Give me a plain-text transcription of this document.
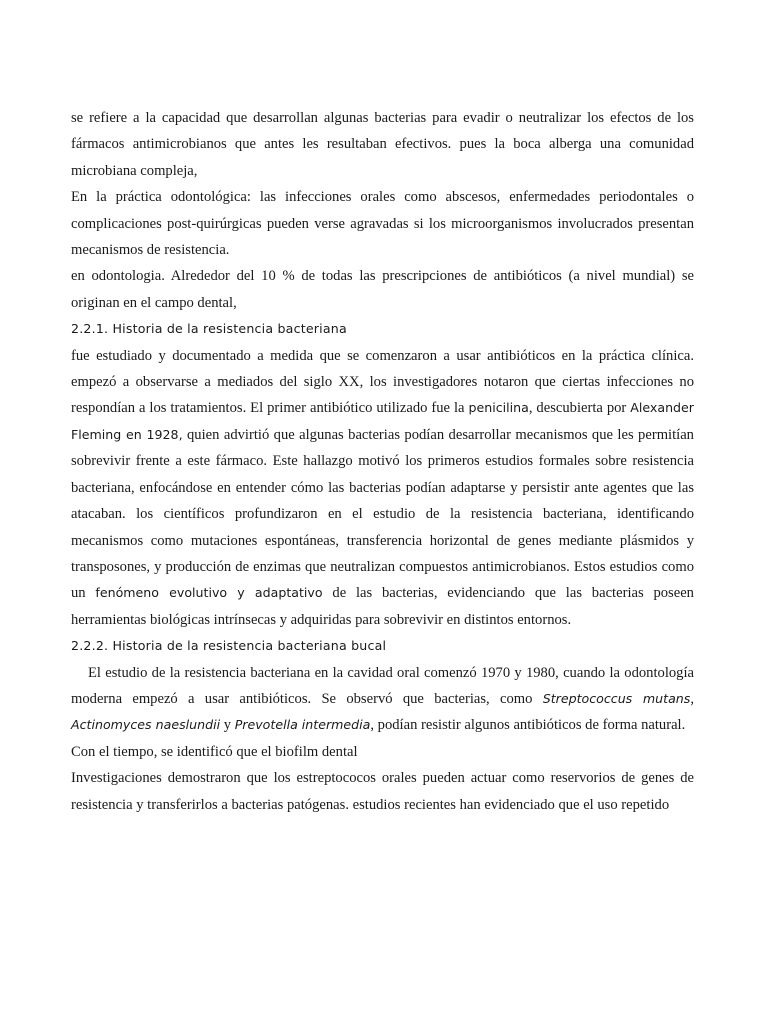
se refiere a la capacidad que desarrollan algunas bacterias para evadir o neutralizar los efectos de los fármacos antimicrobianos que antes les resultaban efectivos. pues la boca alberga una comunidad microbiana compleja,

En la práctica odontológica: las infecciones orales como abscesos, enfermedades periodontales o complicaciones post-quirúrgicas pueden verse agravadas si los microorganismos involucrados presentan mecanismos de resistencia.

en odontologia. Alrededor del 10 % de todas las prescripciones de antibióticos (a nivel mundial) se originan en el campo dental,

2.2.1. Historia de la resistencia bacteriana

fue estudiado y documentado a medida que se comenzaron a usar antibióticos en la práctica clínica. empezó a observarse a mediados del siglo XX, los investigadores notaron que ciertas infecciones no respondían a los tratamientos. El primer antibiótico utilizado fue la penicilina, descubierta por Alexander Fleming en 1928, quien advirtió que algunas bacterias podían desarrollar mecanismos que les permitían sobrevivir frente a este fármaco. Este hallazgo motivó los primeros estudios formales sobre resistencia bacteriana, enfocándose en entender cómo las bacterias podían adaptarse y persistir ante agentes que las atacaban. los científicos profundizaron en el estudio de la resistencia bacteriana, identificando mecanismos como mutaciones espontáneas, transferencia horizontal de genes mediante plásmidos y transposones, y producción de enzimas que neutralizan compuestos antimicrobianos. Estos estudios como un fenómeno evolutivo y adaptativo de las bacterias, evidenciando que las bacterias poseen herramientas biológicas intrínsecas y adquiridas para sobrevivir en distintos entornos.

2.2.2. Historia de la resistencia bacteriana bucal

El estudio de la resistencia bacteriana en la cavidad oral comenzó 1970 y 1980, cuando la odontología moderna empezó a usar antibióticos. Se observó que bacterias, como Streptococcus mutans, Actinomyces naeslundii y Prevotella intermedia, podían resistir algunos antibióticos de forma natural.

Con el tiempo, se identificó que el biofilm dental

Investigaciones demostraron que los estreptococos orales pueden actuar como reservorios de genes de resistencia y transferirlos a bacterias patógenas. estudios recientes han evidenciado que el uso repetido
